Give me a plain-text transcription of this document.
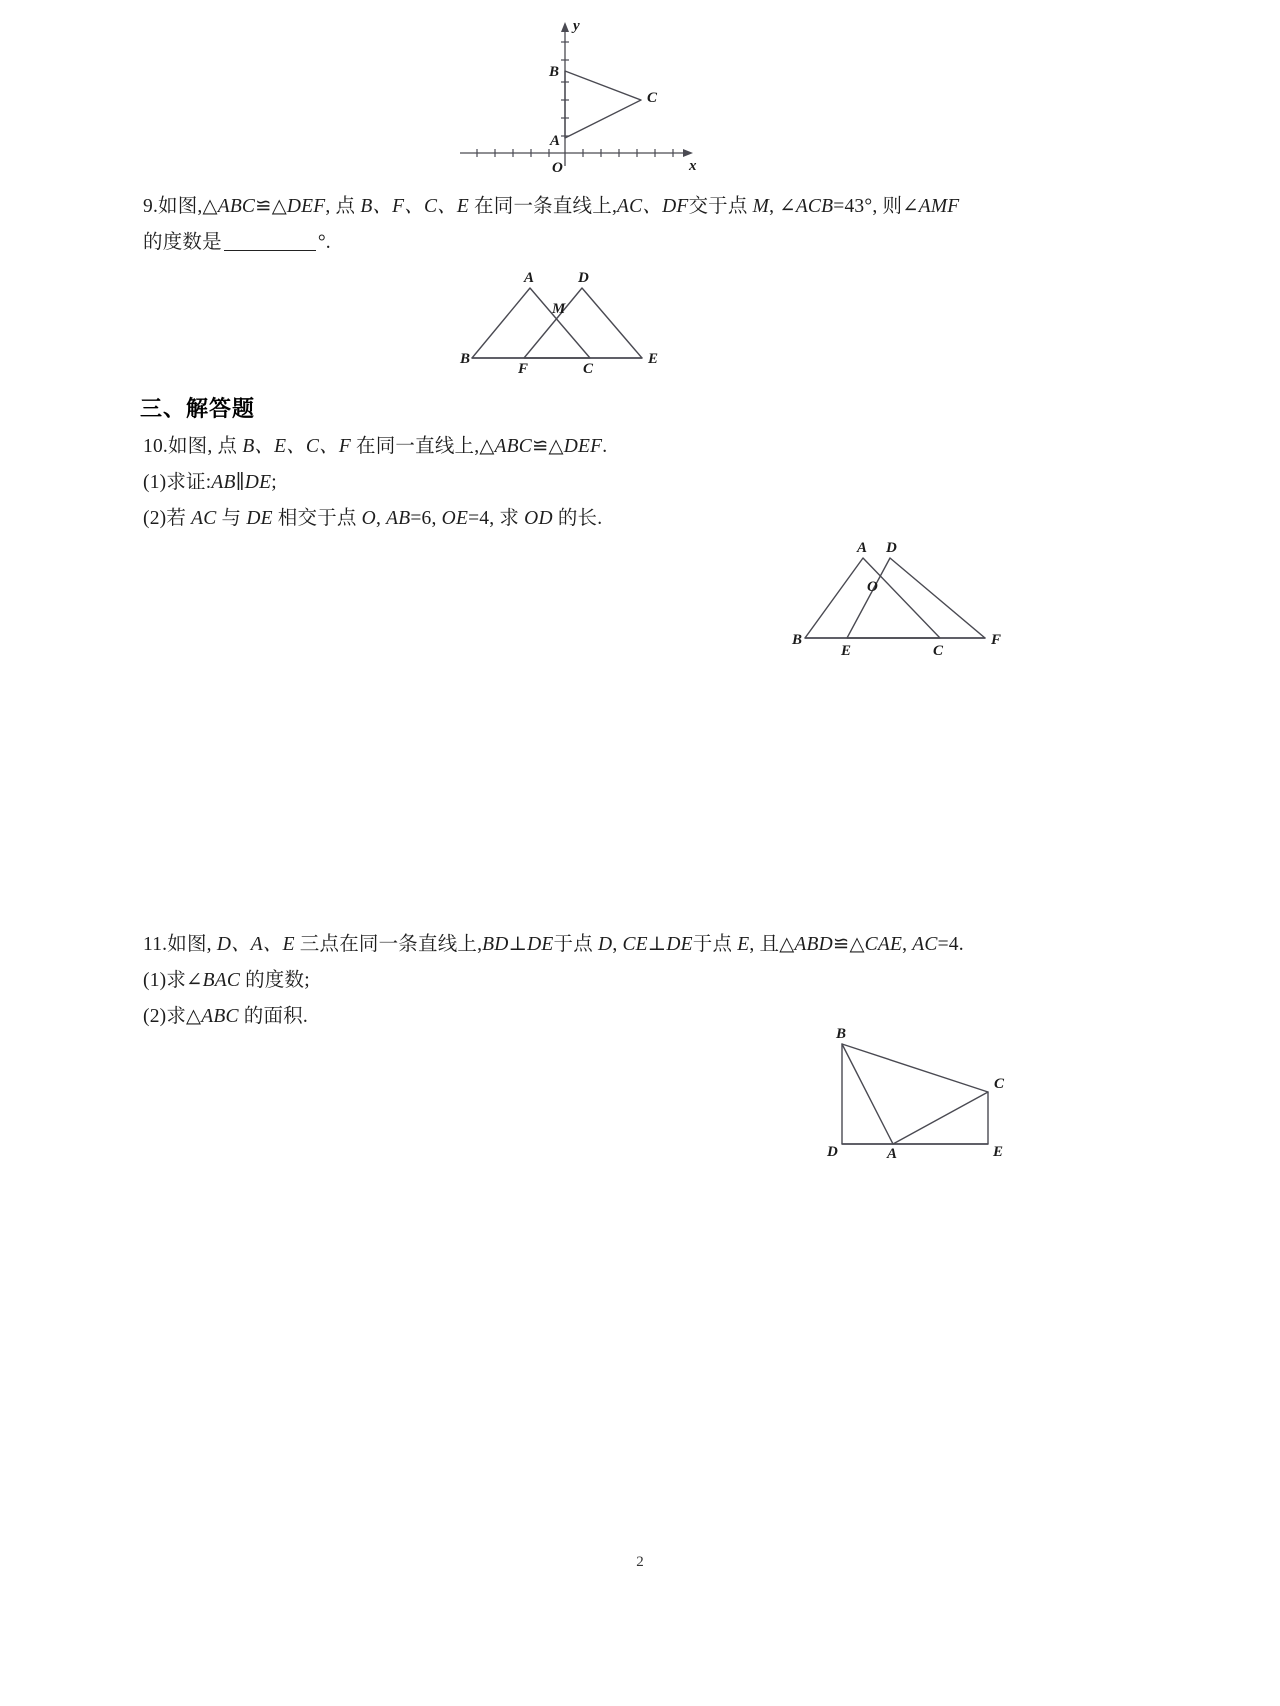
A
B
C
O
y
x
9.如图,△ABC≌△DEF, 点 B、F、C、E 在同一条直线上,AC、DF交于点 M, ∠ACB=43°, 则∠AMF
的度数是	°.
A	D
M
B
F	C
E
三、解答题
10.如图, 点 B、E、C、F 在同一直线上,△ABC≌△DEF.
(1)求证:AB∥DE;
(2)若 AC 与 DE 相交于点 O, AB=6, OE=4, 求 OD 的长.
A D
O
B
E	C
F
11.如图, D、A、E 三点在同一条直线上,BD⊥DE于点 D, CE⊥DE于点 E, 且△ABD≌△CAE, AC=4.
(1)求∠BAC 的度数;
(2)求△ABC 的面积.
B
C
D	A	E
2
